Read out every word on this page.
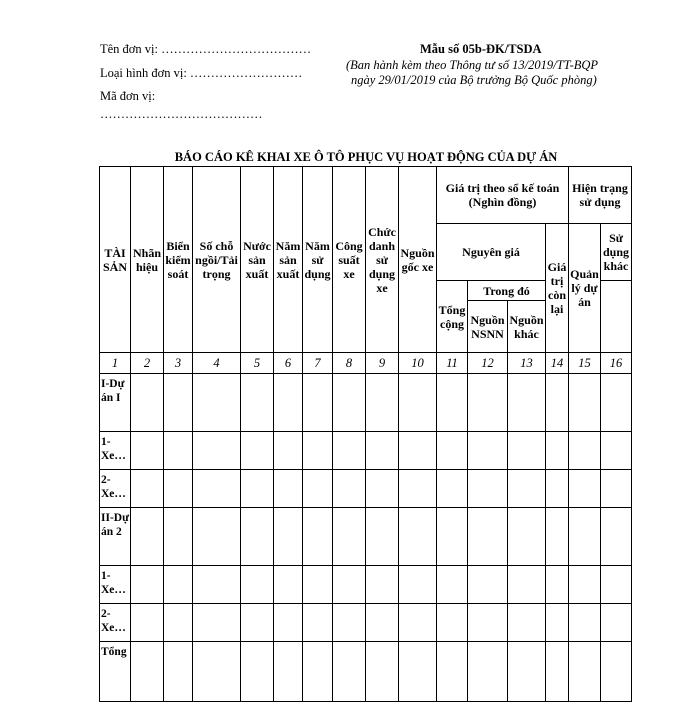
Tên đơn vị: ………………………………
Loại hình đơn vị: ………………………
Mã đơn vị:
…………………………………
Mẫu số 05b-ĐK/TSDA
(Ban hành kèm theo Thông tư số 13/2019/TT-BQP
ngày 29/01/2019 của Bộ trưởng Bộ Quốc phòng)
BÁO CÁO KÊ KHAI XE Ô TÔ PHỤC VỤ HOẠT ĐỘNG CỦA DỰ ÁN
TÀI SẢN	Nhãn hiệu	Biển kiểm soát	Số chỗ ngồi/Tải trọng	Nước sản xuất	Năm sản xuất	Năm sử dụng	Công suất xe	Chức danh sử dụng xe	Nguồn gốc xe	Giá trị theo sổ kế toán (Nghìn đồng)				Hiện trạng sử dụng	
										Nguyên giá			Giá trị còn lại	Quản lý dự án	Sử dụng khác
										Tổng cộng	Trong đó				
											Nguồn NSNN	Nguồn khác			
1	2	3	4	5	6	7	8	9	10	11	12	13	14	15	16
I-Dự án I															
1-Xe…															
2-Xe…															
II-Dự án 2															
1-Xe…															
2-Xe…															
Tổng															
